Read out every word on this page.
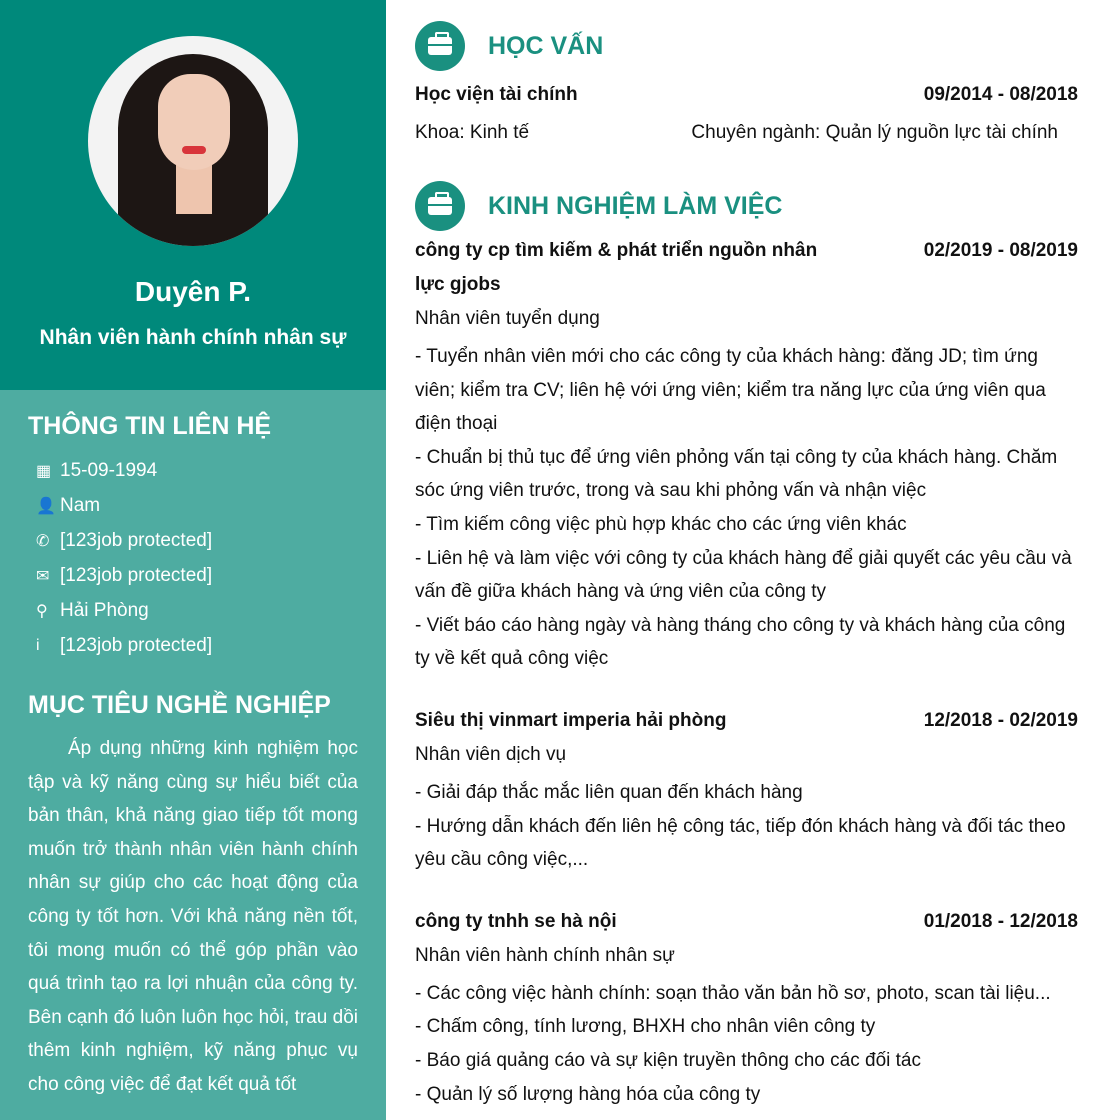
Duyên P.
Nhân viên hành chính nhân sự
THÔNG TIN LIÊN HỆ
▦ 15-09-1994
👤 Nam
✆ [123job protected]
✉ [123job protected]
⚲ Hải Phòng
i	[123job protected]
MỤC TIÊU NGHỀ NGHIỆP

Áp dụng những kinh nghiệm học tập và kỹ năng cùng sự hiểu biết của bản thân, khả năng giao tiếp tốt mong muốn trở thành nhân viên hành chính nhân sự giúp cho các hoạt động của công ty tốt hơn. Với khả năng nền tốt, tôi mong muốn có thể góp phần vào quá trình tạo ra lợi nhuận của công ty. Bên cạnh đó luôn luôn học hỏi, trau dồi thêm kinh nghiệm, kỹ năng phục vụ cho công việc để đạt kết quả tốt

HỌC VẤN
Học viện tài chính	09/2014 - 08/2018
Khoa: Kinh tế	Chuyên ngành: Quản lý nguồn lực tài chính
KINH NGHIỆM LÀM VIỆC
công ty cp tìm kiếm & phát triển nguồn nhân lực gjobs
02/2019 - 08/2019
Nhân viên tuyển dụng
- Tuyển nhân viên mới cho các công ty của khách hàng: đăng JD; tìm ứng viên; kiểm tra CV; liên hệ với ứng viên; kiểm tra năng lực của ứng viên qua điện thoại
- Chuẩn bị thủ tục để ứng viên phỏng vấn tại công ty của khách hàng. Chăm sóc ứng viên trước, trong và sau khi phỏng vấn và nhận việc
- Tìm kiếm công việc phù hợp khác cho các ứng viên khác
- Liên hệ và làm việc với công ty của khách hàng để giải quyết các yêu cầu và vấn đề giữa khách hàng và ứng viên của công ty
- Viết báo cáo hàng ngày và hàng tháng cho công ty và khách hàng của công ty về kết quả công việc
Siêu thị vinmart imperia hải phòng	12/2018 - 02/2019
Nhân viên dịch vụ
- Giải đáp thắc mắc liên quan đến khách hàng
- Hướng dẫn khách đến liên hệ công tác, tiếp đón khách hàng và đối tác theo yêu cầu công việc,...
công ty tnhh se hà nội	01/2018 - 12/2018
Nhân viên hành chính nhân sự
- Các công việc hành chính: soạn thảo văn bản hồ sơ, photo, scan tài liệu...
- Chấm công, tính lương, BHXH cho nhân viên công ty
- Báo giá quảng cáo và sự kiện truyền thông cho các đối tác
- Quản lý số lượng hàng hóa của công ty
